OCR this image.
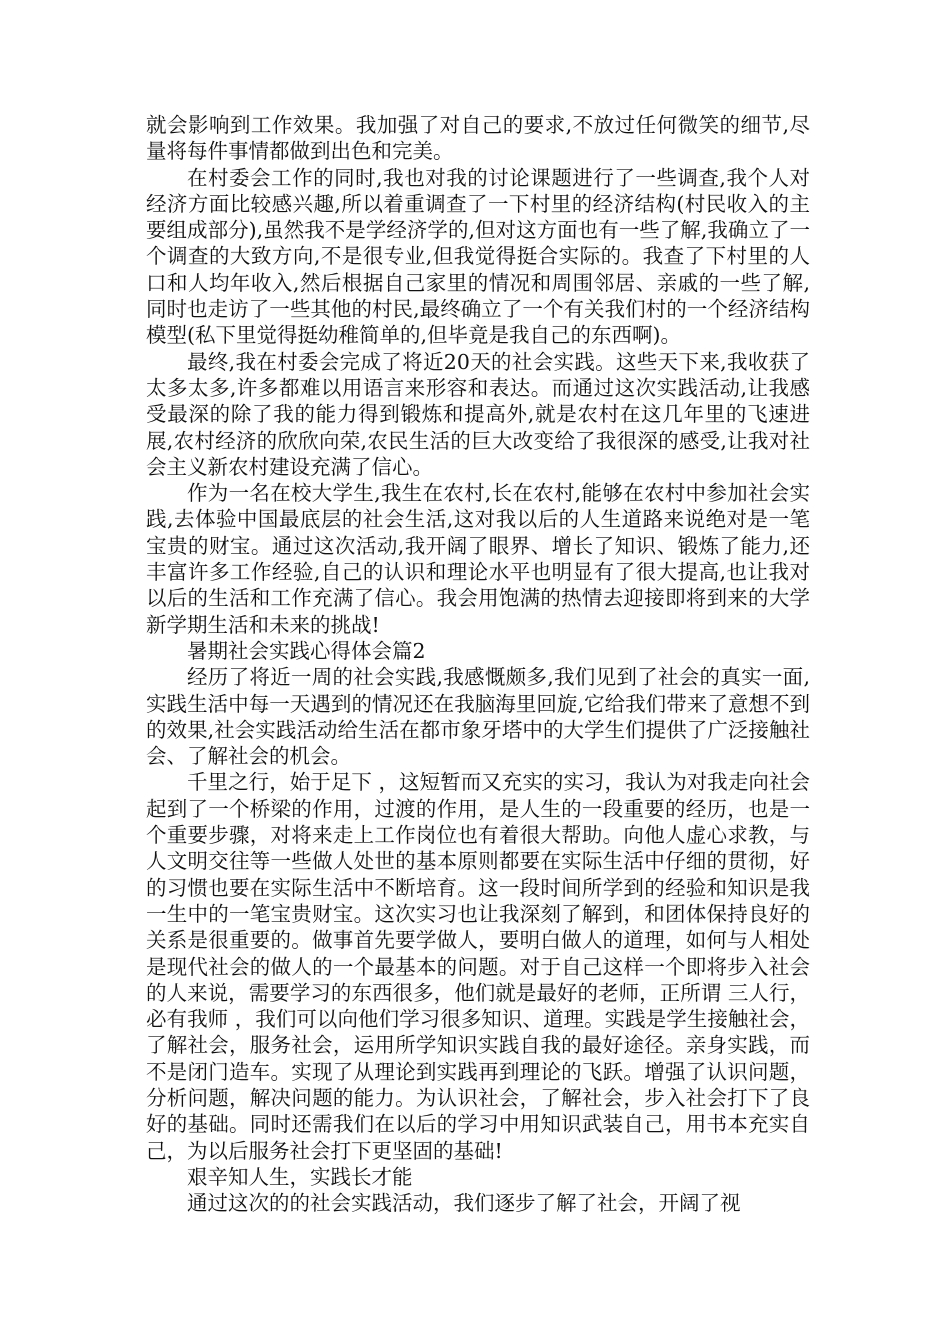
就会影响到工作效果。我加强了对自己的要求,不放过任何微笑的细节,尽量将每件事情都做到出色和完美。

在村委会工作的同时,我也对我的讨论课题进行了一些调查,我个人对经济方面比较感兴趣,所以着重调查了一下村里的经济结构(村民收入的主要组成部分),虽然我不是学经济学的,但对这方面也有一些了解,我确立了一个调查的大致方向,不是很专业,但我觉得挺合实际的。我查了下村里的人口和人均年收入,然后根据自己家里的情况和周围邻居、亲戚的一些了解,同时也走访了一些其他的村民,最终确立了一个有关我们村的一个经济结构模型(私下里觉得挺幼稚简单的,但毕竟是我自己的东西啊)。

最终,我在村委会完成了将近20天的社会实践。这些天下来,我收获了太多太多,许多都难以用语言来形容和表达。而通过这次实践活动,让我感受最深的除了我的能力得到锻炼和提高外,就是农村在这几年里的飞速进展,农村经济的欣欣向荣,农民生活的巨大改变给了我很深的感受,让我对社会主义新农村建设充满了信心。

作为一名在校大学生,我生在农村,长在农村,能够在农村中参加社会实践,去体验中国最底层的社会生活,这对我以后的人生道路来说绝对是一笔宝贵的财宝。通过这次活动,我开阔了眼界、增长了知识、锻炼了能力,还丰富许多工作经验,自己的认识和理论水平也明显有了很大提高,也让我对以后的生活和工作充满了信心。我会用饱满的热情去迎接即将到来的大学新学期生活和未来的挑战!

暑期社会实践心得体会篇2

经历了将近一周的社会实践,我感慨颇多,我们见到了社会的真实一面,实践生活中每一天遇到的情况还在我脑海里回旋,它给我们带来了意想不到的效果,社会实践活动给生活在都市象牙塔中的大学生们提供了广泛接触社会、了解社会的机会。

千里之行，始于足下 ，这短暂而又充实的实习，我认为对我走向社会起到了一个桥梁的作用，过渡的作用，是人生的一段重要的经历，也是一个重要步骤，对将来走上工作岗位也有着很大帮助。向他人虚心求教，与人文明交往等一些做人处世的基本原则都要在实际生活中仔细的贯彻，好的习惯也要在实际生活中不断培育。这一段时间所学到的经验和知识是我一生中的一笔宝贵财宝。这次实习也让我深刻了解到，和团体保持良好的关系是很重要的。做事首先要学做人，要明白做人的道理，如何与人相处是现代社会的做人的一个最基本的问题。对于自己这样一个即将步入社会的人来说，需要学习的东西很多，他们就是最好的老师，正所谓 三人行，必有我师 ，我们可以向他们学习很多知识、道理。实践是学生接触社会，了解社会，服务社会，运用所学知识实践自我的最好途径。亲身实践，而不是闭门造车。实现了从理论到实践再到理论的飞跃。增强了认识问题，分析问题，解决问题的能力。为认识社会，了解社会，步入社会打下了良好的基础。同时还需我们在以后的学习中用知识武装自己，用书本充实自己，为以后服务社会打下更坚固的基础!

艰辛知人生，实践长才能

通过这次的的社会实践活动，我们逐步了解了社会，开阔了视
